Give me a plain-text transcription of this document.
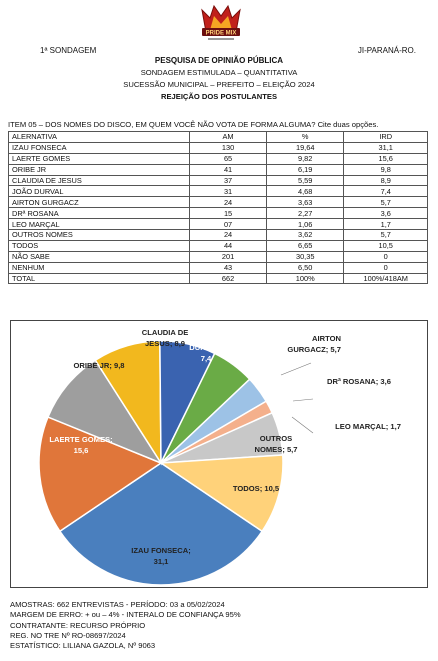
PRIDE MIX
1ª SONDAGEM	JI-PARANÁ-RO.
PESQUISA DE OPINIÃO PÚBLICA
SONDAGEM ESTIMULADA – QUANTITATIVA
SUCESSÃO MUNICIPAL – PREFEITO – ELEIÇÃO 2024
REJEIÇÃO DOS POSTULANTES
ITEM 05 – DOS NOMES DO DISCO, EM QUEM VOCÊ NÃO VOTA DE FORMA ALGUMA? Cite duas opções.
ALERNATIVA	AM	%	IRD
IZAU FONSECA	130	19,64	31,1
LAERTE GOMES	65	9,82	15,6
ORIBE JR	41	6,19	9,8
CLAUDIA DE JESUS	37	5,59	8,9
JOÃO DURVAL	31	4,68	7,4
AIRTON GURGACZ	24	3,63	5,7
DRª ROSANA	15	2,27	3,6
LEO MARÇAL	07	1,06	1,7
OUTROS NOMES	24	3,62	5,7
TODOS	44	6,65	10,5
NÃO SABE	201	30,35	0
NENHUM	43	6,50	0
TOTAL	662	100%	100%/418AM
IZAU FONSECA; 31,1
LAERTE GOMES; 15,6
ORIBE JR; 9,8
CLAUDIA DE JESUS; 8,9
JOÃO DURVAL; 7,4
AIRTON GURGACZ; 5,7
DRª ROSANA; 3,6
LEO MARÇAL; 1,7
OUTROS NOMES; 5,7
TODOS; 10,5
AMOSTRAS: 662 ENTREVISTAS - PERÍODO: 03 a 05/02/2024
MARGEM DE ERRO: + ou – 4% - INTERALO DE CONFIANÇA 95%
CONTRATANTE: RECURSO PRÓPRIO
REG. NO TRE Nº RO-08697/2024
ESTATÍSTICO: LILIANA GAZOLA, Nº 9063
